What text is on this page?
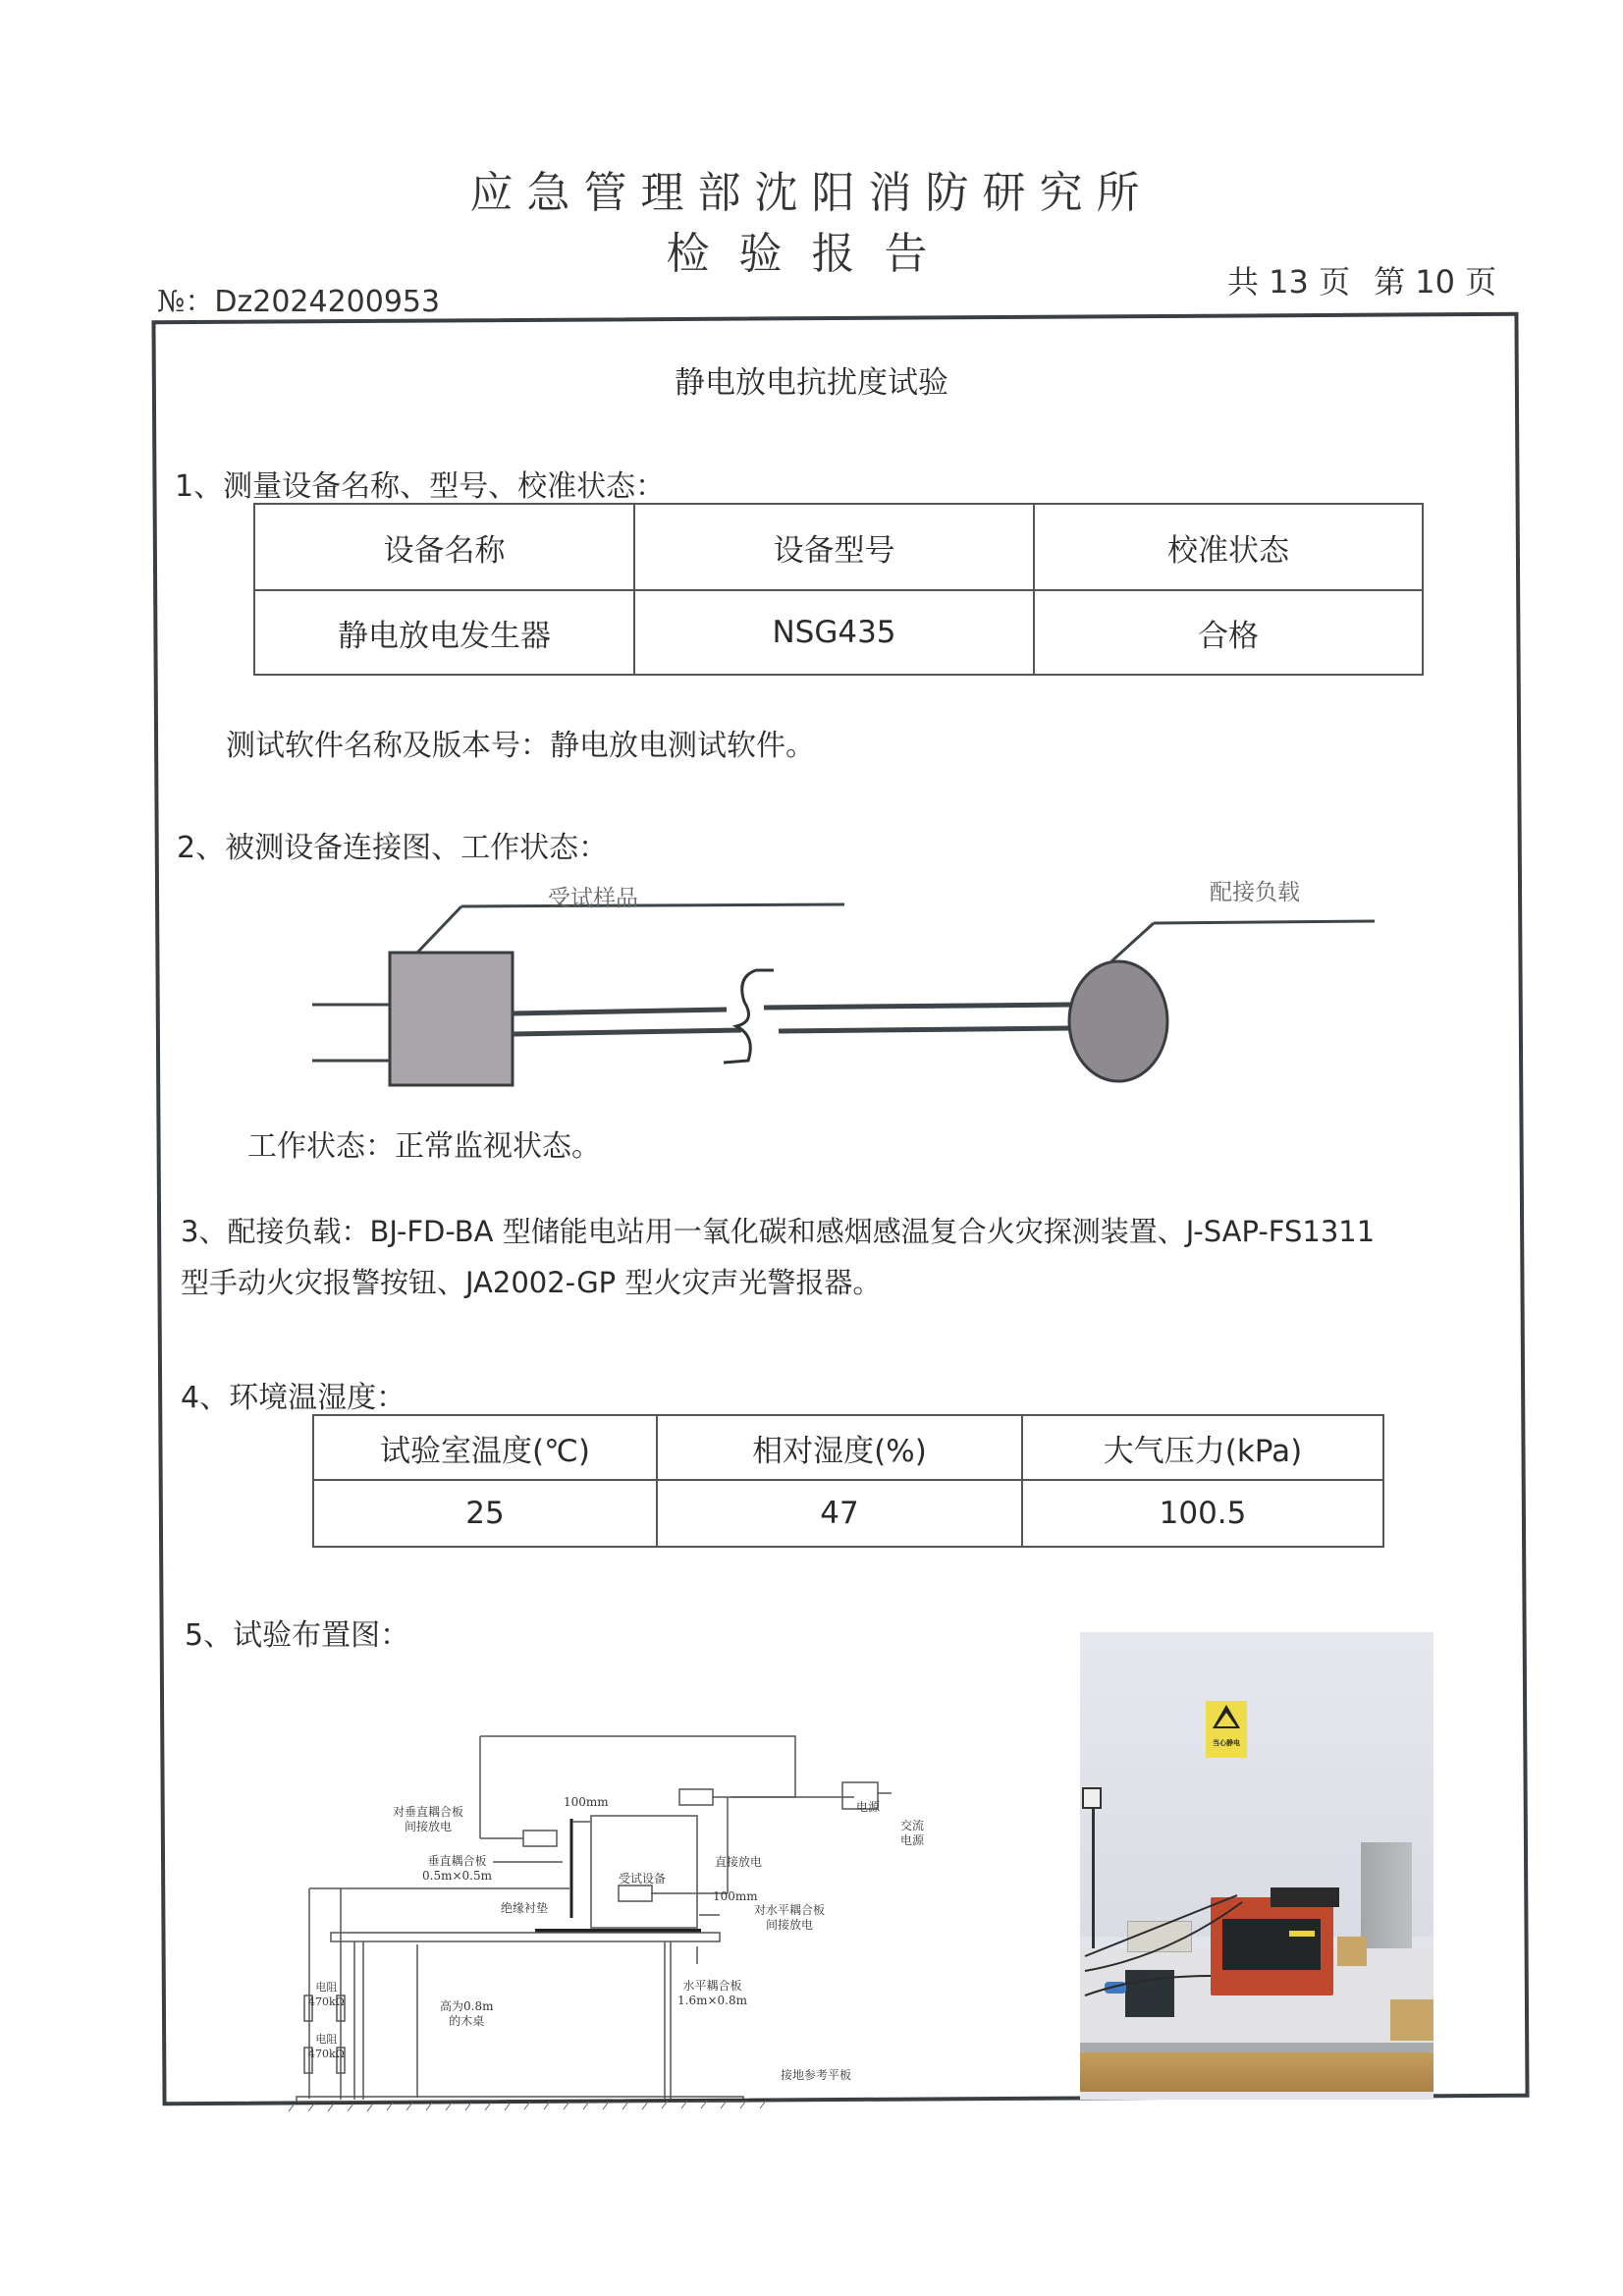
应急管理部沈阳消防研究所
检验报告
№：Dz2024200953
共 13 页 第 10 页
静电放电抗扰度试验
1、测量设备名称、型号、校准状态：
设备名称	设备型号	校准状态
静电放电发生器	NSG435	合格
测试软件名称及版本号：静电放电测试软件。
2、被测设备连接图、工作状态：
受试样品	配接负载
工作状态：正常监视状态。
3、配接负载：BJ-FD-BA 型储能电站用一氧化碳和感烟感温复合火灾探测装置、J-SAP-FS1311
型手动火灾报警按钮、JA2002-GP 型火灾声光警报器。
4、环境温湿度：
试验室温度(℃)	相对湿度(%)	大气压力(kPa)
25	47	100.5
5、试验布置图：
对垂直耦合板
间接放电
100mm
垂直耦合板
0.5m×0.5m	受试设备
直接放电
电源
交流
电源
绝缘衬垫
100mm
对水平耦合板
间接放电
电阻
470kΩ
电阻
470kΩ
高为0.8m
的木桌
水平耦合板
1.6m×0.8m
接地参考平板
当心静电
